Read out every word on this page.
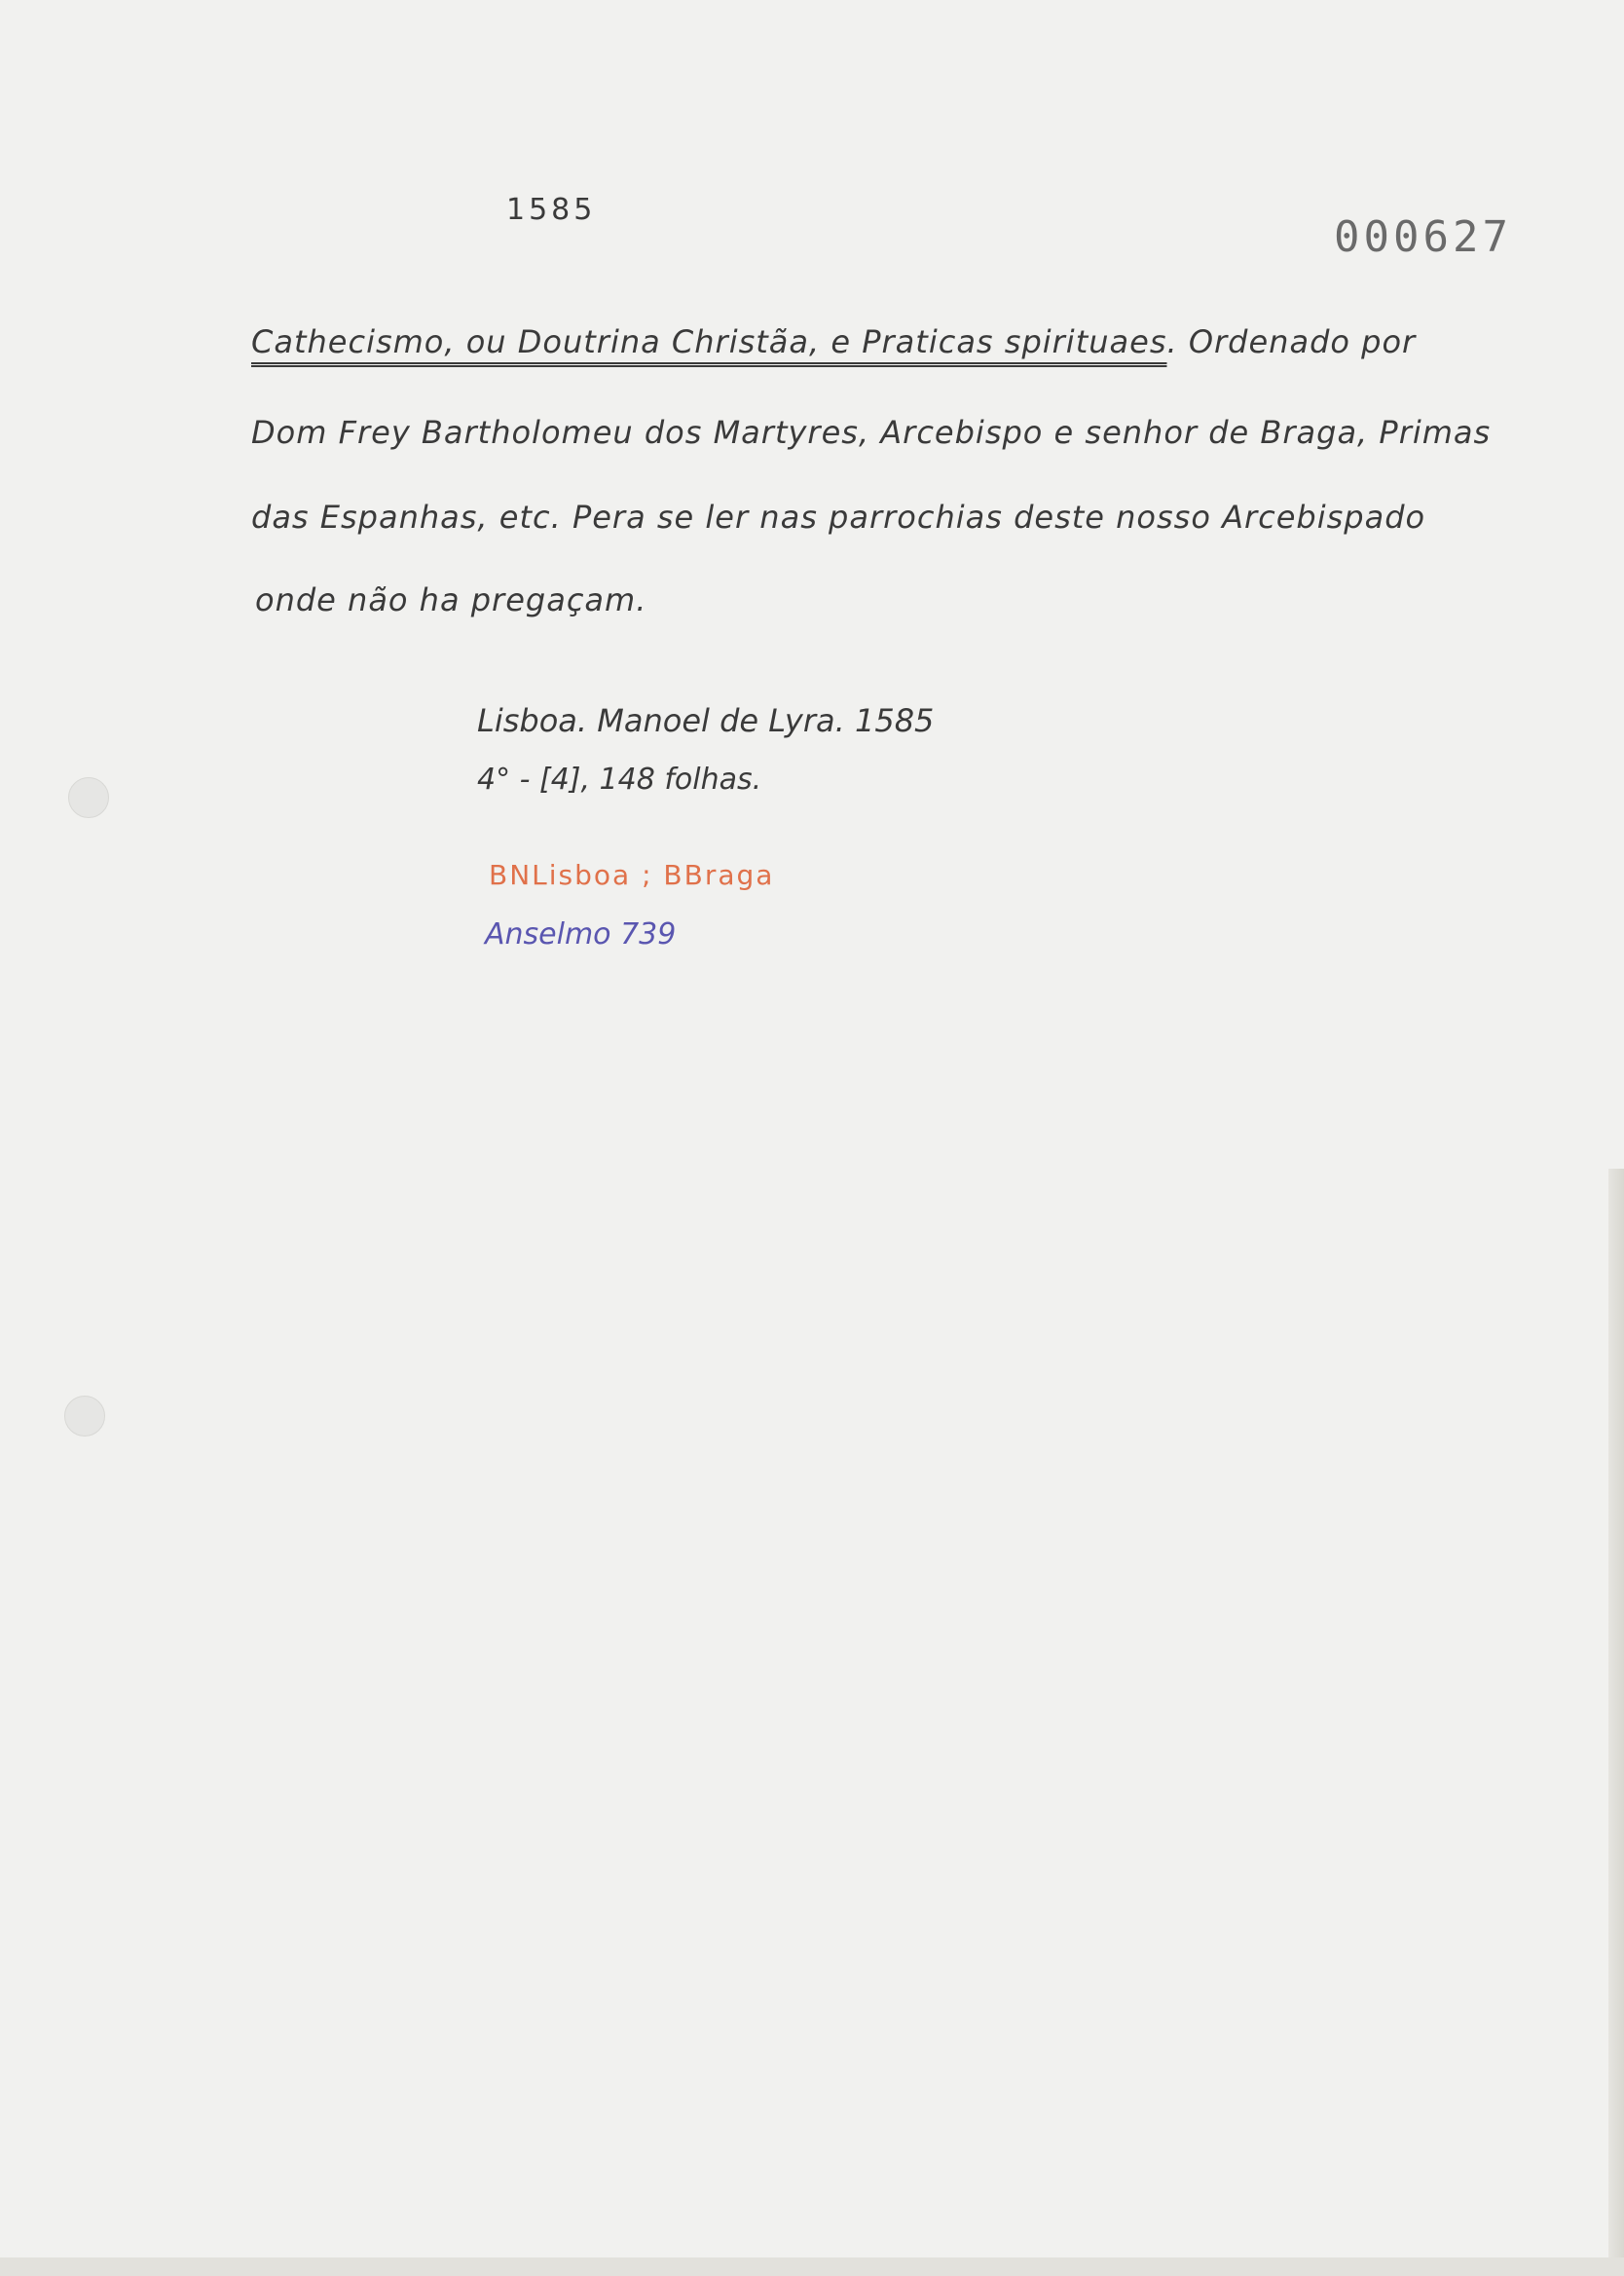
1585
000627
Cathecismo, ou Doutrina Christãa, e Praticas spirituaes. Ordenado por
Dom Frey Bartholomeu dos Martyres, Arcebispo e senhor de Braga, Primas
das Espanhas, etc. Pera se ler nas parrochias deste nosso Arcebispado
onde não ha pregaçam.
Lisboa. Manoel de Lyra. 1585
4° - [4], 148 folhas.
BNLisboa ; BBraga
Anselmo 739
